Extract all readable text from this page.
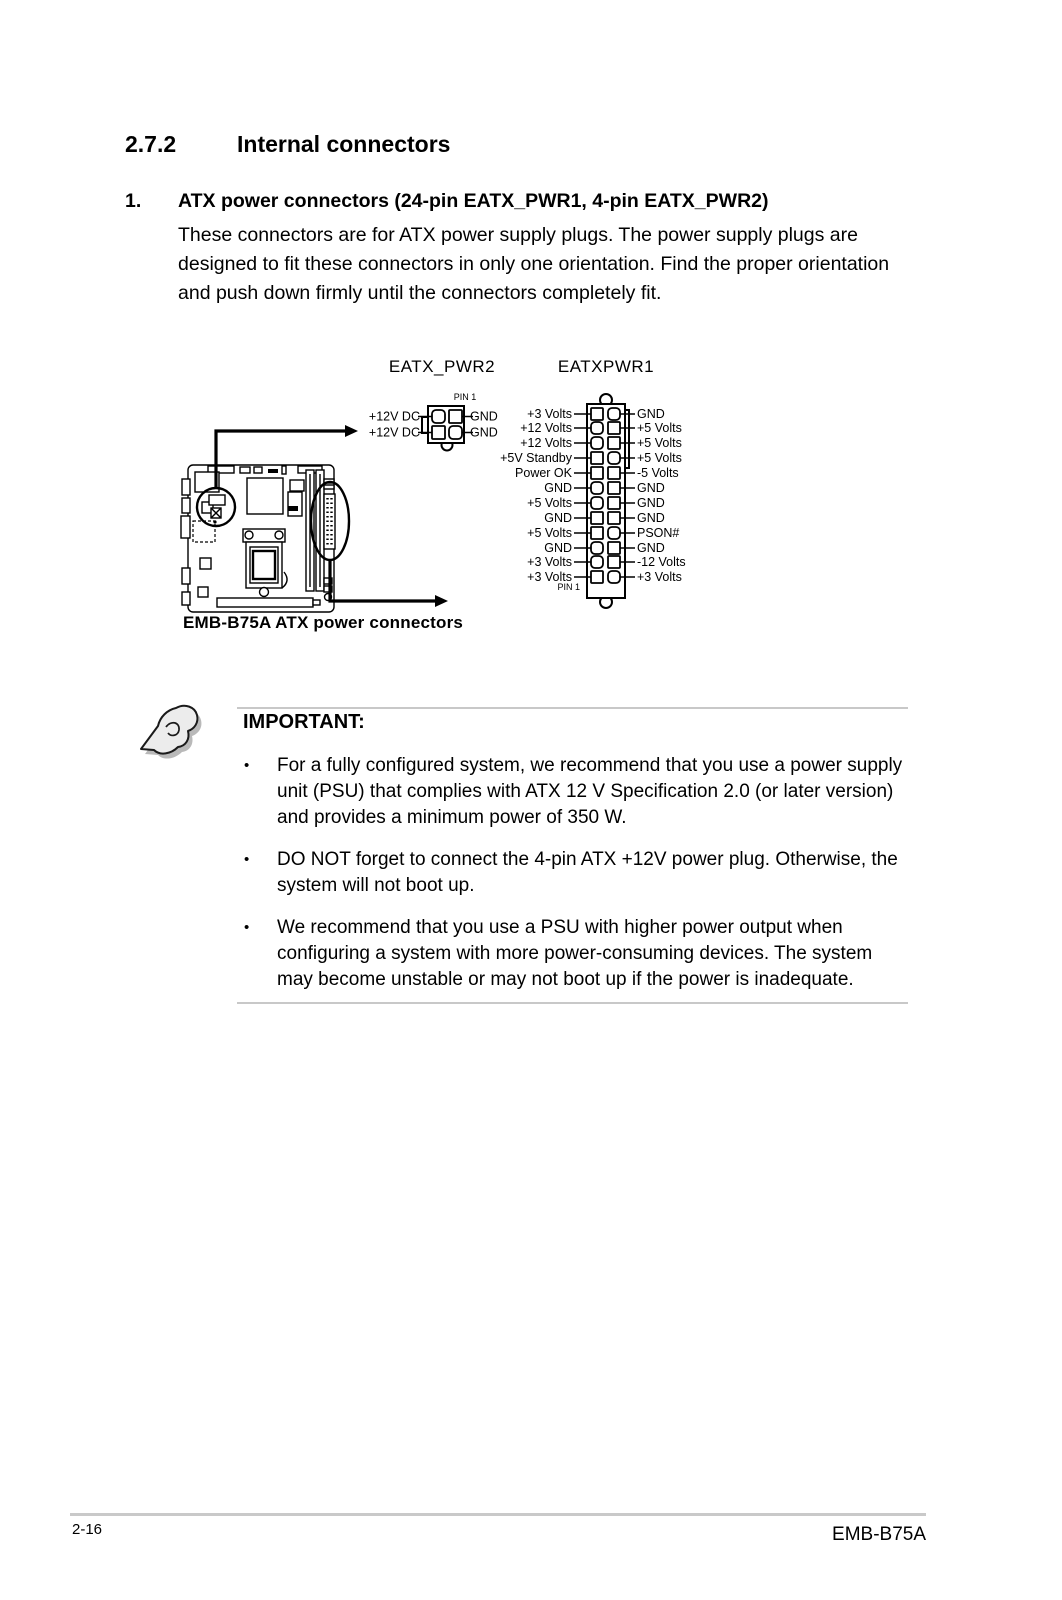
2.7.2	Internal connectors
1. ATX power connectors (24-pin EATX_PWR1, 4-pin EATX_PWR2)
These connectors are for ATX power supply plugs. The power supply plugs are designed to fit these connectors in only one orientation. Find the proper orientation and push down firmly until the connectors completely fit.
EATX_PWR2
PIN 1
+12V DC	GND
+12V DC	GND
EATXPWR1
PIN 1
+3 Volts	GND
+12 Volts	+5 Volts
+12 Volts	+5 Volts
+5V Standby	+5 Volts
Power OK	-5 Volts
GND	GND
+5 Volts	GND
GND	GND
+5 Volts	PSON#
GND	GND
+3 Volts	-12 Volts
+3 Volts	+3 Volts
EMB-B75A ATX power connectors
IMPORTANT:
•	For a fully configured system, we recommend that you use a power supply unit (PSU) that complies with ATX 12 V Specification 2.0 (or later version) and provides a minimum power of 350 W.
•	DO NOT forget to connect the 4-pin ATX +12V power plug. Otherwise, the system will not boot up.
•	We recommend that you use a PSU with higher power output when configuring a system with more power-consuming devices. The system may become unstable or may not boot up if the power is inadequate.
2-16	EMB-B75A
